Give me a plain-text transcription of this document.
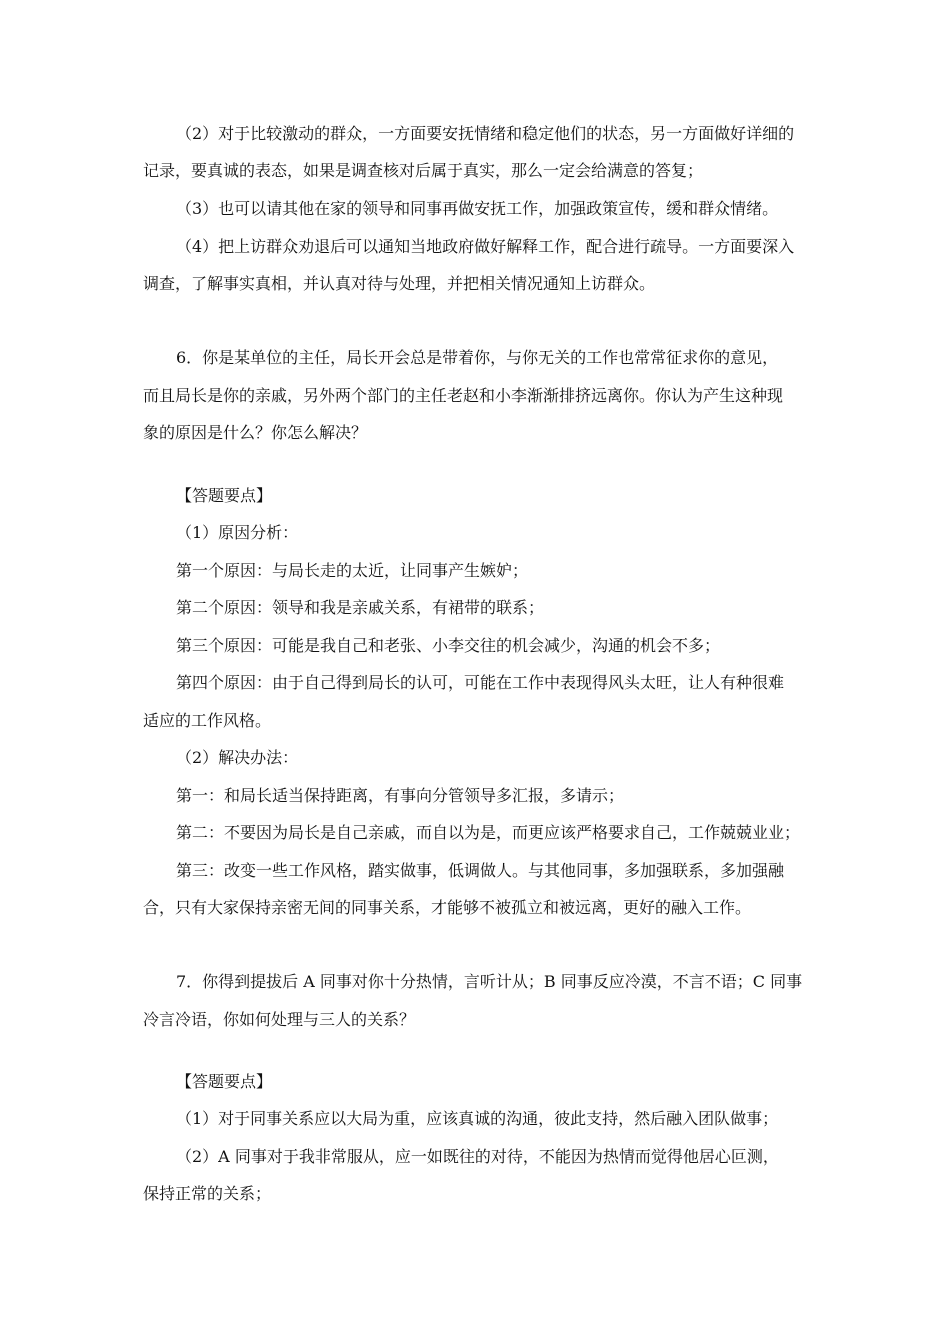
（2）对于比较激动的群众，一方面要安抚情绪和稳定他们的状态，另一方面做好详细的
记录，要真诚的表态，如果是调查核对后属于真实，那么一定会给满意的答复；
（3）也可以请其他在家的领导和同事再做安抚工作，加强政策宣传，缓和群众情绪。
（4）把上访群众劝退后可以通知当地政府做好解释工作，配合进行疏导。一方面要深入
调查，了解事实真相，并认真对待与处理，并把相关情况通知上访群众。
6．你是某单位的主任，局长开会总是带着你，与你无关的工作也常常征求你的意见，
而且局长是你的亲戚，另外两个部门的主任老赵和小李渐渐排挤远离你。你认为产生这种现
象的原因是什么？你怎么解决？
【答题要点】
（1）原因分析：
第一个原因：与局长走的太近，让同事产生嫉妒；
第二个原因：领导和我是亲戚关系，有裙带的联系；
第三个原因：可能是我自己和老张、小李交往的机会减少，沟通的机会不多；
第四个原因：由于自己得到局长的认可，可能在工作中表现得风头太旺，让人有种很难
适应的工作风格。
（2）解决办法：
第一：和局长适当保持距离，有事向分管领导多汇报，多请示；
第二：不要因为局长是自己亲戚，而自以为是，而更应该严格要求自己，工作兢兢业业；
第三：改变一些工作风格，踏实做事，低调做人。与其他同事，多加强联系，多加强融
合，只有大家保持亲密无间的同事关系，才能够不被孤立和被远离，更好的融入工作。
7．你得到提拔后 A 同事对你十分热情，言听计从；B 同事反应冷漠，不言不语；C 同事
冷言冷语，你如何处理与三人的关系？
【答题要点】
（1）对于同事关系应以大局为重，应该真诚的沟通，彼此支持，然后融入团队做事；
（2）A 同事对于我非常服从，应一如既往的对待，不能因为热情而觉得他居心叵测，
保持正常的关系；
